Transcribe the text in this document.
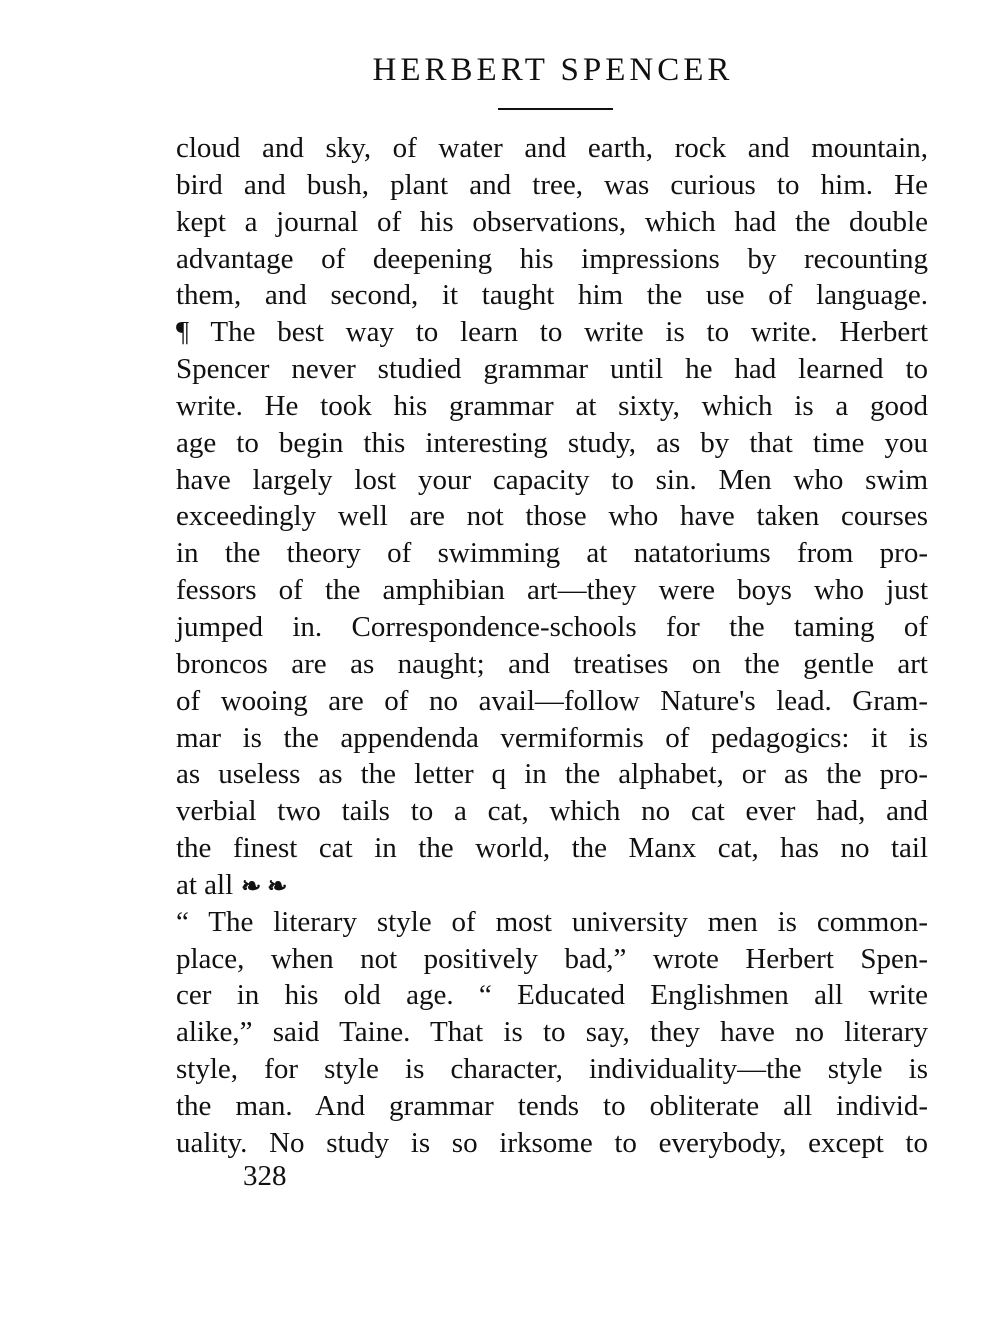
HERBERT SPENCER
cloud and sky, of water and earth, rock and mountain,
bird and bush, plant and tree, was curious to him. He
kept a journal of his observations, which had the double
advantage of deepening his impressions by recounting
them, and second, it taught him the use of language.
¶ The best way to learn to write is to write. Herbert
Spencer never studied grammar until he had learned to
write. He took his grammar at sixty, which is a good
age to begin this interesting study, as by that time you
have largely lost your capacity to sin. Men who swim
exceedingly well are not those who have taken courses
in the theory of swimming at natatoriums from pro-
fessors of the amphibian art—they were boys who just
jumped in. Correspondence-schools for the taming of
broncos are as naught; and treatises on the gentle art
of wooing are of no avail—follow Nature's lead. Gram-
mar is the appendenda vermiformis of pedagogics: it is
as useless as the letter q in the alphabet, or as the pro-
verbial two tails to a cat, which no cat ever had, and
the finest cat in the world, the Manx cat, has no tail
at all ❧ ❧
“ The literary style of most university men is common-
place, when not positively bad,” wrote Herbert Spen-
cer in his old age. “ Educated Englishmen all write
alike,” said Taine. That is to say, they have no literary
style, for style is character, individuality—the style is
the man. And grammar tends to obliterate all individ-
uality. No study is so irksome to everybody, except to
328
